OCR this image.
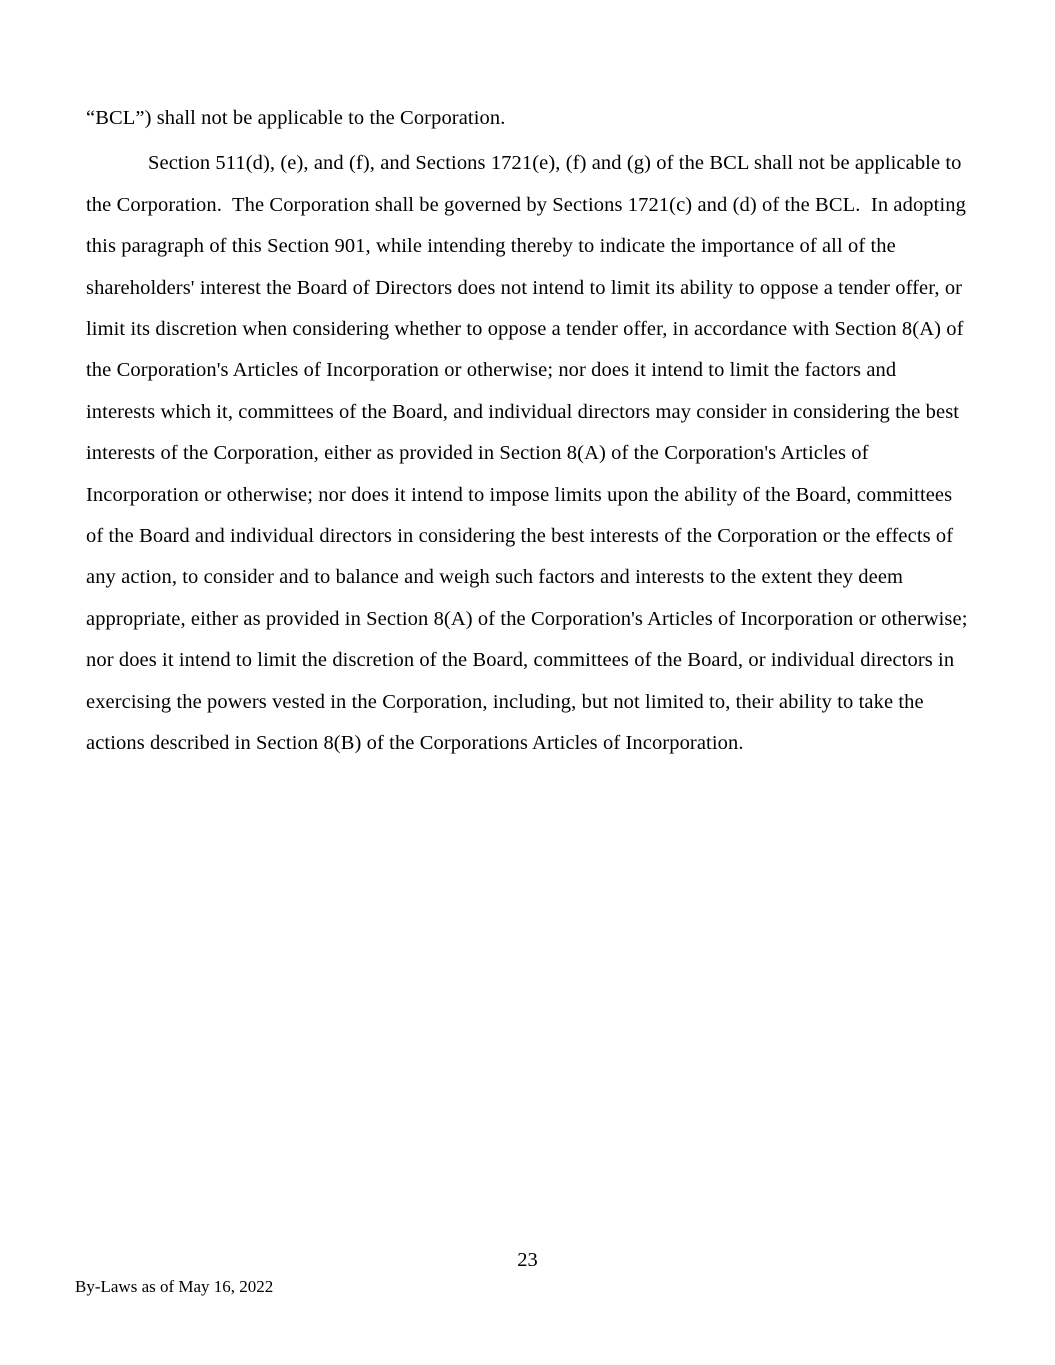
“BCL”) shall not be applicable to the Corporation.
Section 511(d), (e), and (f), and Sections 1721(e), (f) and (g) of the BCL shall not be applicable to
the Corporation.  The Corporation shall be governed by Sections 1721(c) and (d) of the BCL.  In adopting
this paragraph of this Section 901, while intending thereby to indicate the importance of all of the
shareholders' interest the Board of Directors does not intend to limit its ability to oppose a tender offer, or
limit its discretion when considering whether to oppose a tender offer, in accordance with Section 8(A) of
the Corporation's Articles of Incorporation or otherwise; nor does it intend to limit the factors and
interests which it, committees of the Board, and individual directors may consider in considering the best
interests of the Corporation, either as provided in Section 8(A) of the Corporation's Articles of
Incorporation or otherwise; nor does it intend to impose limits upon the ability of the Board, committees
of the Board and individual directors in considering the best interests of the Corporation or the effects of
any action, to consider and to balance and weigh such factors and interests to the extent they deem
appropriate, either as provided in Section 8(A) of the Corporation's Articles of Incorporation or otherwise;
nor does it intend to limit the discretion of the Board, committees of the Board, or individual directors in
exercising the powers vested in the Corporation, including, but not limited to, their ability to take the
actions described in Section 8(B) of the Corporations Articles of Incorporation.
23
By-Laws as of May 16, 2022
